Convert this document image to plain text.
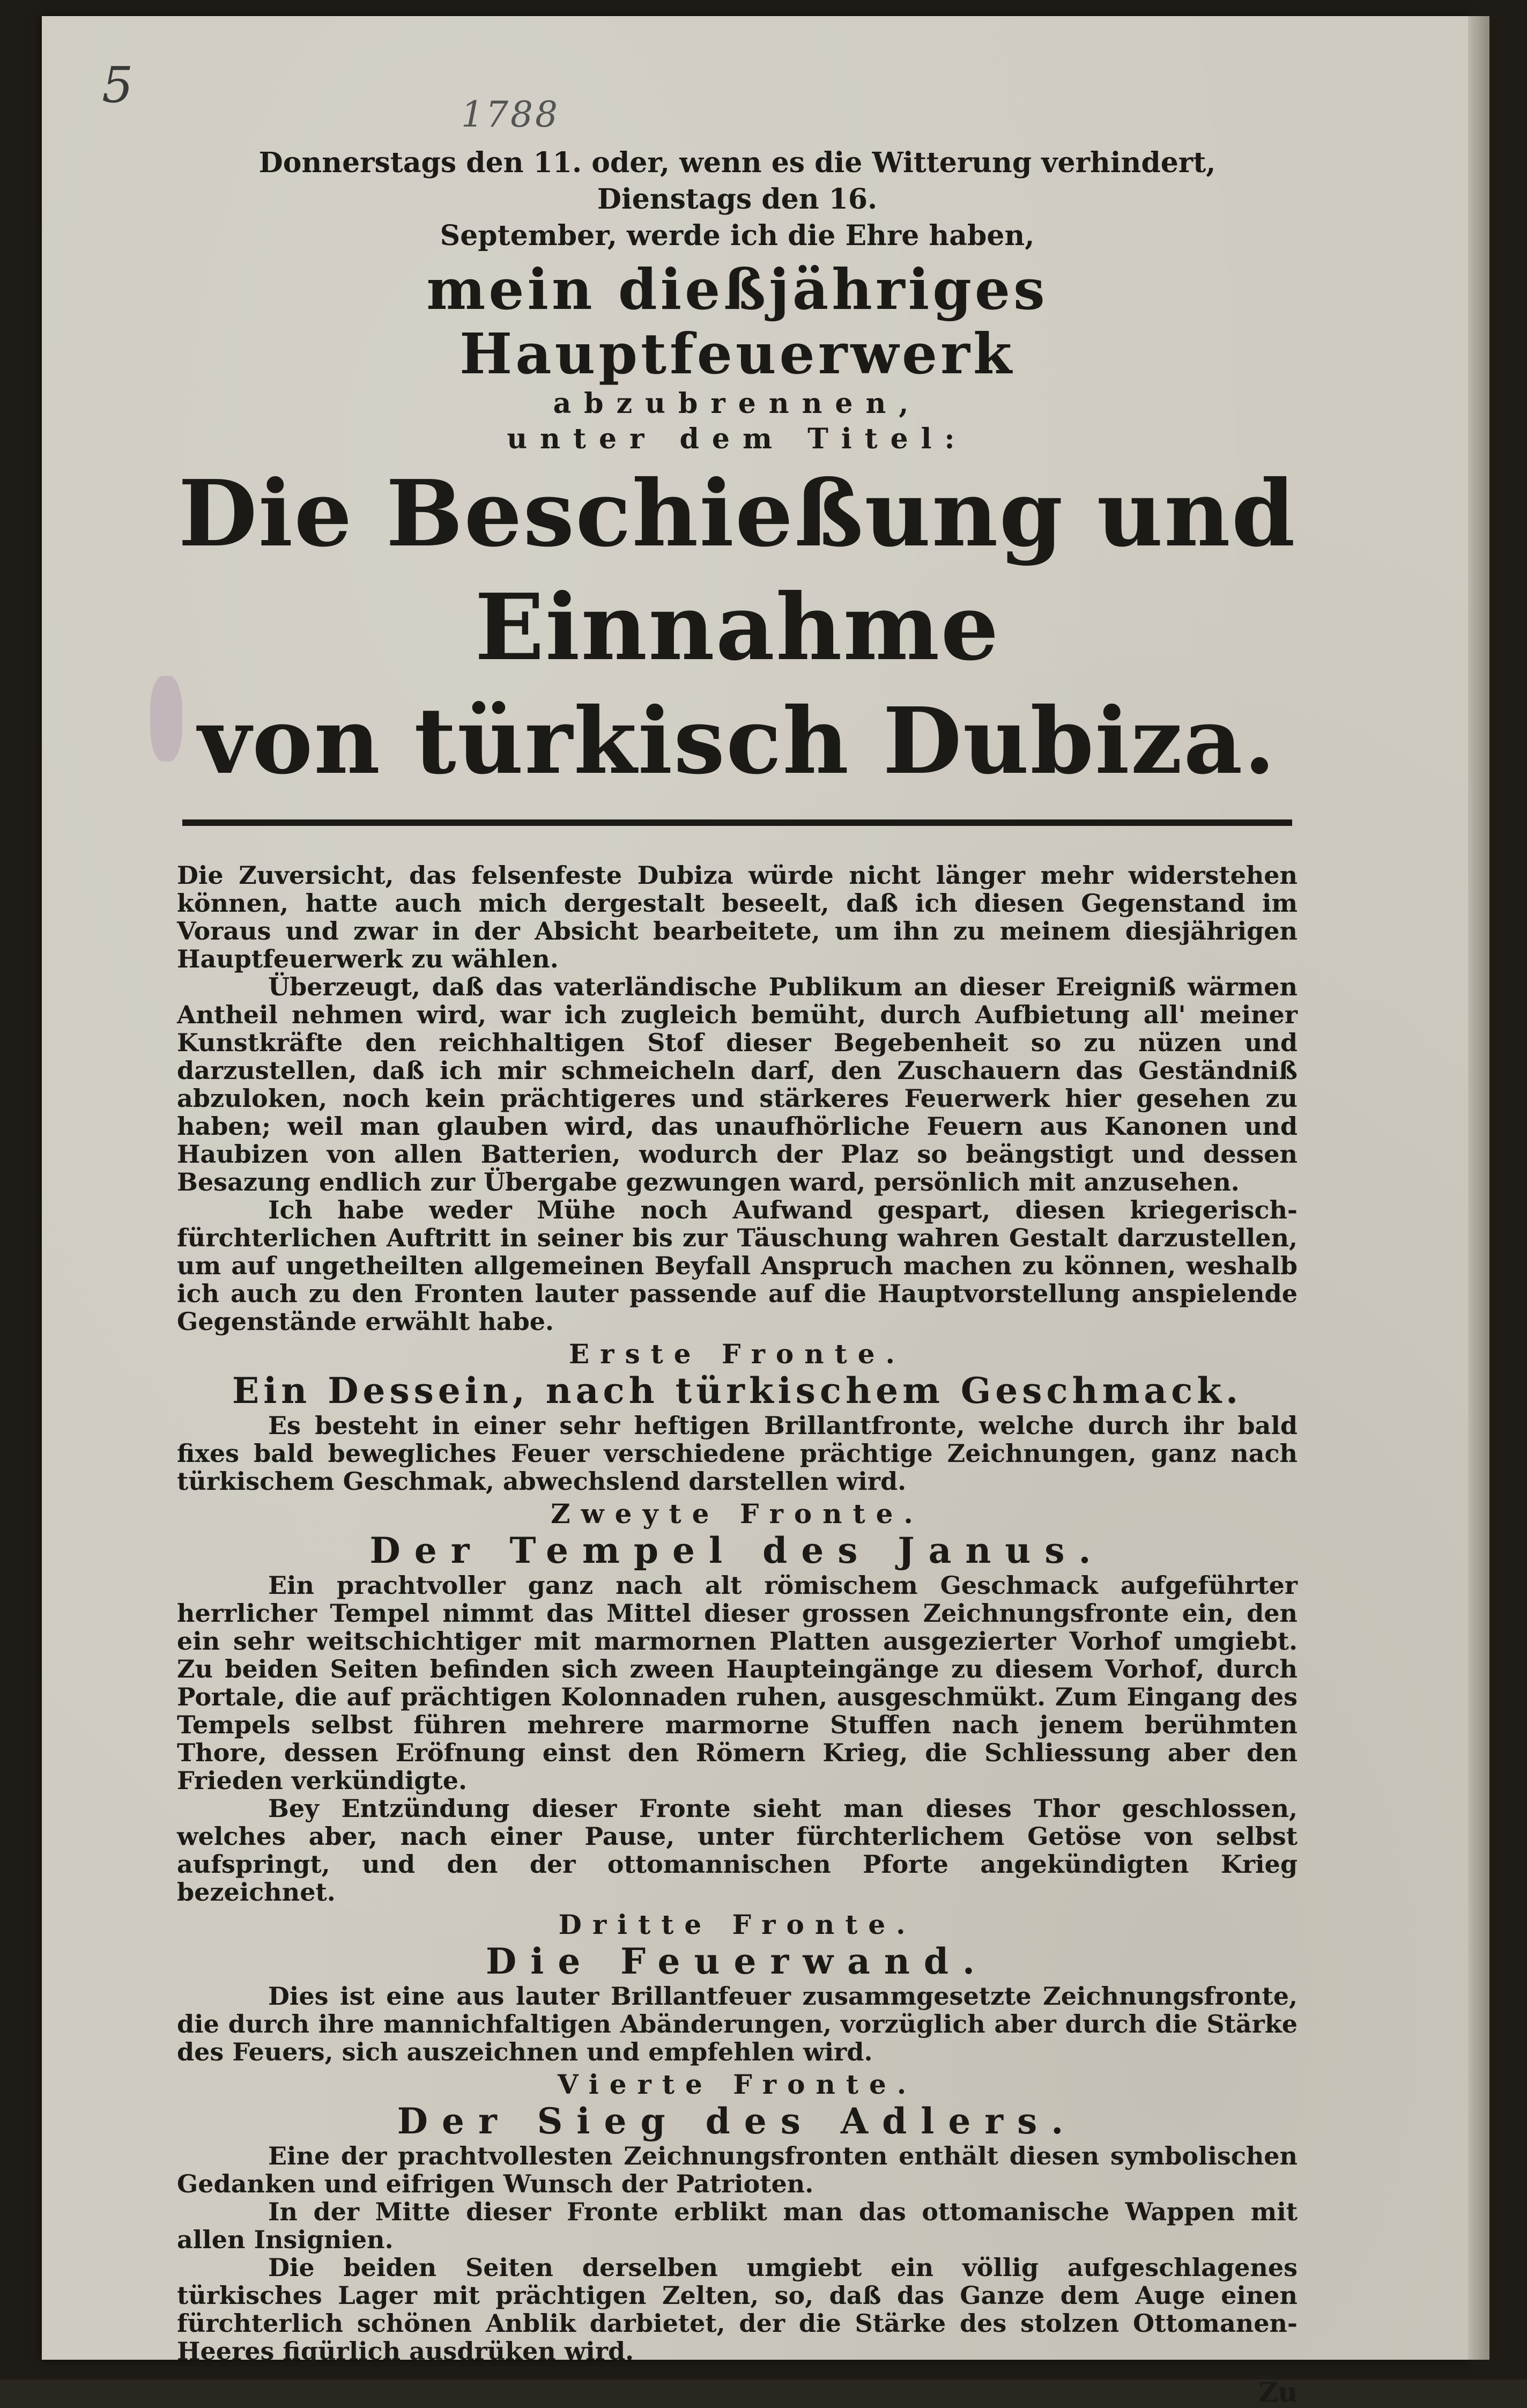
5
1788
Donnerstags den 11. oder, wenn es die Witterung verhindert, Dienstags den 16.
September, werde ich die Ehre haben,
mein dießjähriges Hauptfeuerwerk
abzubrennen,
unter dem Titel:
Die Beschießung und Einnahme
von türkisch Dubiza.
Die Zuversicht, das felsenfeste Dubiza würde nicht länger mehr widerstehen können, hatte auch mich dergestalt beseelt, daß ich diesen Gegenstand im Voraus und zwar in der Absicht bearbeitete, um ihn zu meinem diesjährigen Hauptfeuerwerk zu wählen.
Überzeugt, daß das vaterländische Publikum an dieser Ereigniß wärmen Antheil nehmen wird, war ich zugleich bemüht, durch Aufbietung all' meiner Kunstkräfte den reichhaltigen Stof dieser Begebenheit so zu nüzen und darzustellen, daß ich mir schmeicheln darf, den Zuschauern das Geständniß abzuloken, noch kein prächtigeres und stärkeres Feuerwerk hier gesehen zu haben; weil man glauben wird, das unaufhörliche Feuern aus Kanonen und Haubizen von allen Batterien, wodurch der Plaz so beängstigt und dessen Besazung endlich zur Übergabe gezwungen ward, persönlich mit anzusehen.
Ich habe weder Mühe noch Aufwand gespart, diesen kriegerisch-fürchterlichen Auftritt in seiner bis zur Täuschung wahren Gestalt darzustellen, um auf ungetheilten allgemeinen Beyfall Anspruch machen zu können, weshalb ich auch zu den Fronten lauter passende auf die Hauptvorstellung anspielende Gegenstände erwählt habe.
Erste Fronte.
Ein Dessein, nach türkischem Geschmack.
Es besteht in einer sehr heftigen Brillantfronte, welche durch ihr bald fixes bald bewegliches Feuer verschiedene prächtige Zeichnungen, ganz nach türkischem Geschmak, abwechslend darstellen wird.
Zweyte Fronte.
Der Tempel des Janus.
Ein prachtvoller ganz nach alt römischem Geschmack aufgeführter herrlicher Tempel nimmt das Mittel dieser grossen Zeichnungsfronte ein, den ein sehr weitschichtiger mit marmornen Platten ausgezierter Vorhof umgiebt. Zu beiden Seiten befinden sich zween Haupteingänge zu diesem Vorhof, durch Portale, die auf prächtigen Kolonnaden ruhen, ausgeschmükt. Zum Eingang des Tempels selbst führen mehrere marmorne Stuffen nach jenem berühmten Thore, dessen Eröfnung einst den Römern Krieg, die Schliessung aber den Frieden verkündigte.
Bey Entzündung dieser Fronte sieht man dieses Thor geschlossen, welches aber, nach einer Pause, unter fürchterlichem Getöse von selbst aufspringt, und den der ottomannischen Pforte angekündigten Krieg bezeichnet.
Dritte Fronte.
Die Feuerwand.
Dies ist eine aus lauter Brillantfeuer zusammgesetzte Zeichnungsfronte, die durch ihre mannichfaltigen Abänderungen, vorzüglich aber durch die Stärke des Feuers, sich auszeichnen und empfehlen wird.
Vierte Fronte.
Der Sieg des Adlers.
Eine der prachtvollesten Zeichnungsfronten enthält diesen symbolischen Gedanken und eifrigen Wunsch der Patrioten.
In der Mitte dieser Fronte erblikt man das ottomanische Wappen mit allen Insignien.
Die beiden Seiten derselben umgiebt ein völlig aufgeschlagenes türkisches Lager mit prächtigen Zelten, so, daß das Ganze dem Auge einen fürchterlich schönen Anblik darbietet, der die Stärke des stolzen Ottomanen-Heeres figürlich ausdrüken wird.
Zu
